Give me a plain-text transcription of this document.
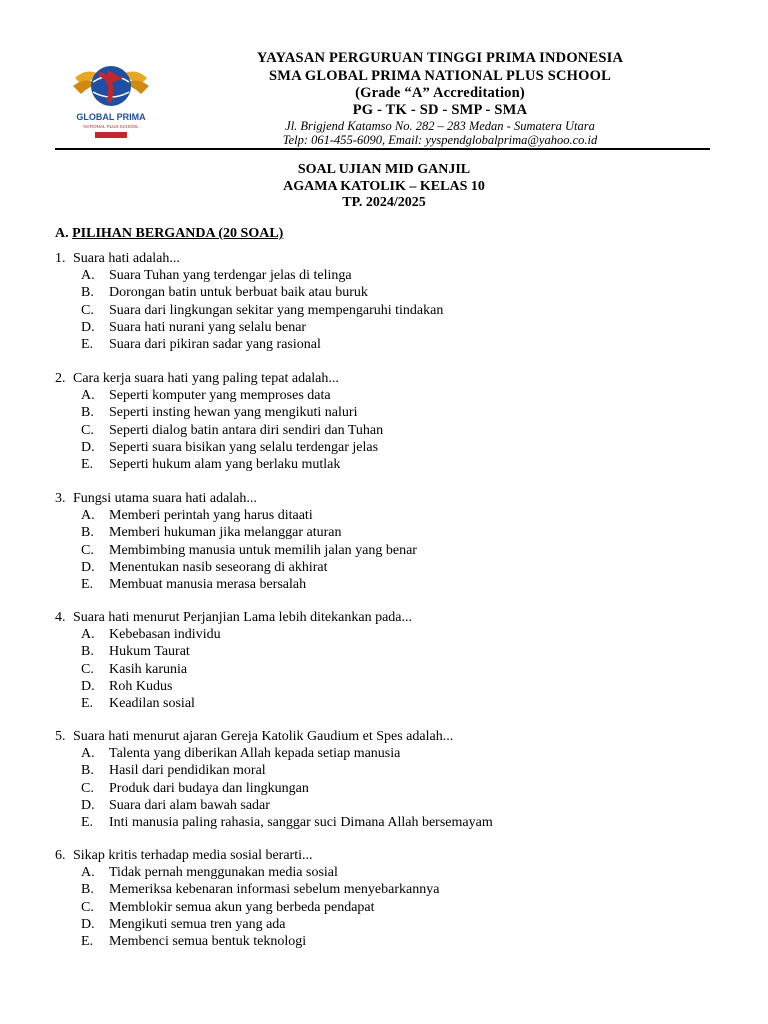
GLOBAL PRIMA
NATIONAL PLUS SCHOOL
YAYASAN PERGURUAN TINGGI PRIMA INDONESIA
SMA GLOBAL PRIMA NATIONAL PLUS SCHOOL
(Grade “A” Accreditation)
PG - TK - SD - SMP - SMA
Jl. Brigjend Katamso No. 282 – 283 Medan - Sumatera Utara
Telp: 061-455-6090, Email: yyspendglobalprima@yahoo.co.id
SOAL UJIAN MID GANJIL
AGAMA KATOLIK – KELAS 10
TP. 2024/2025
A. PILIHAN BERGANDA (20 SOAL)
1. Suara hati adalah...
A. Suara Tuhan yang terdengar jelas di telinga
B. Dorongan batin untuk berbuat baik atau buruk
C. Suara dari lingkungan sekitar yang mempengaruhi tindakan
D. Suara hati nurani yang selalu benar
E. Suara dari pikiran sadar yang rasional
2. Cara kerja suara hati yang paling tepat adalah...
A. Seperti komputer yang memproses data
B. Seperti insting hewan yang mengikuti naluri
C. Seperti dialog batin antara diri sendiri dan Tuhan
D. Seperti suara bisikan yang selalu terdengar jelas
E. Seperti hukum alam yang berlaku mutlak
3. Fungsi utama suara hati adalah...
A. Memberi perintah yang harus ditaati
B. Memberi hukuman jika melanggar aturan
C. Membimbing manusia untuk memilih jalan yang benar
D. Menentukan nasib seseorang di akhirat
E. Membuat manusia merasa bersalah
4. Suara hati menurut Perjanjian Lama lebih ditekankan pada...
A. Kebebasan individu
B. Hukum Taurat
C. Kasih karunia
D. Roh Kudus
E. Keadilan sosial
5. Suara hati menurut ajaran Gereja Katolik Gaudium et Spes adalah...
A. Talenta yang diberikan Allah kepada setiap manusia
B. Hasil dari pendidikan moral
C. Produk dari budaya dan lingkungan
D. Suara dari alam bawah sadar
E. Inti manusia paling rahasia, sanggar suci Dimana Allah bersemayam
6. Sikap kritis terhadap media sosial berarti...
A. Tidak pernah menggunakan media sosial
B. Memeriksa kebenaran informasi sebelum menyebarkannya
C. Memblokir semua akun yang berbeda pendapat
D. Mengikuti semua tren yang ada
E. Membenci semua bentuk teknologi
